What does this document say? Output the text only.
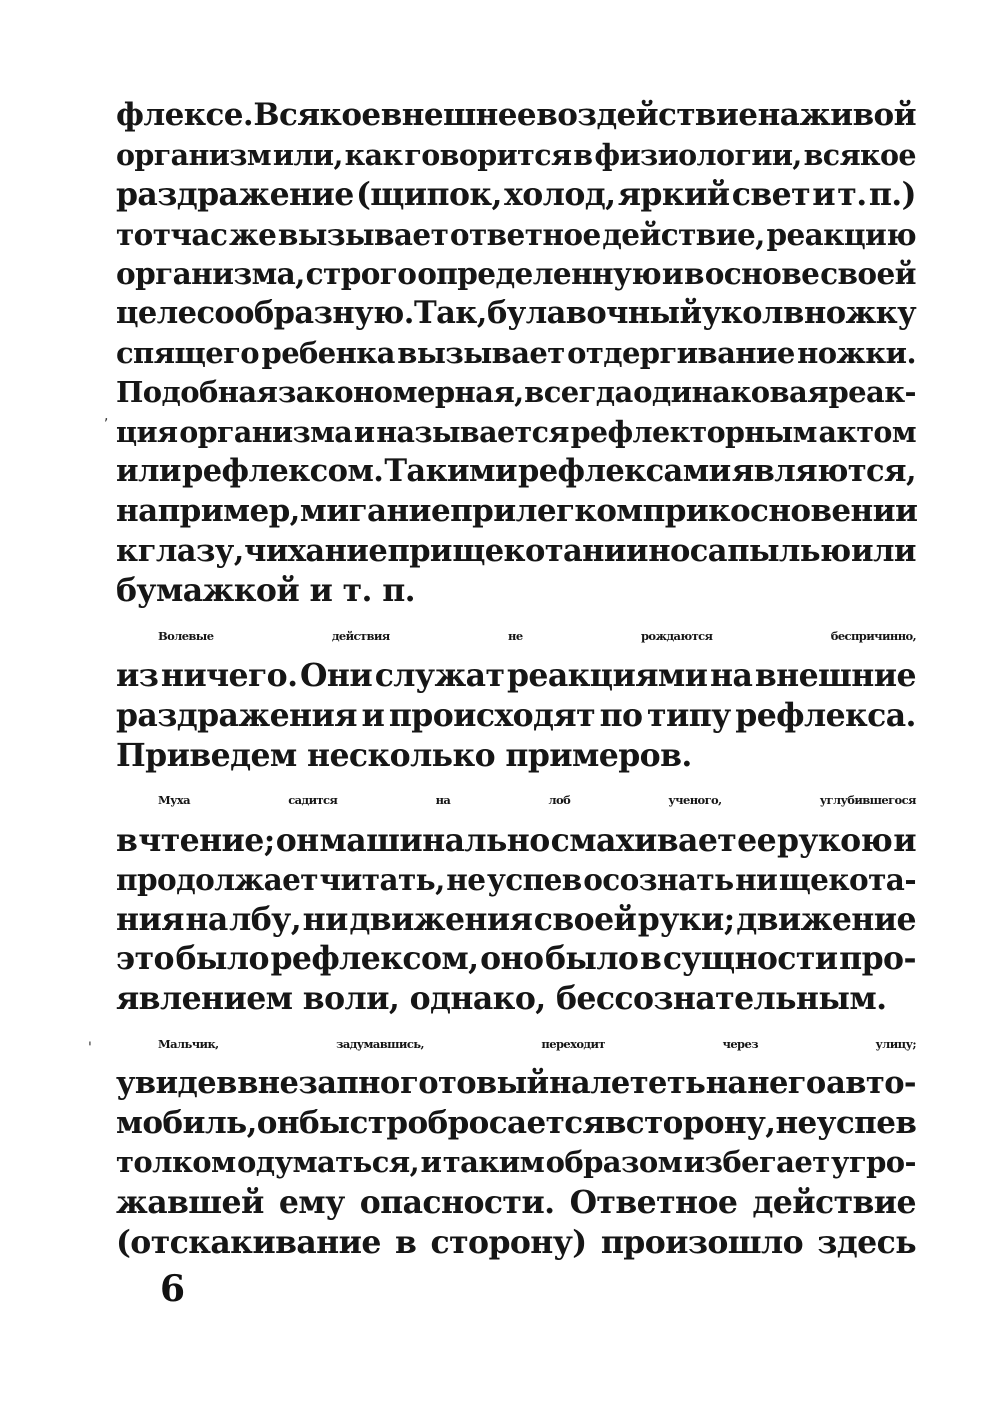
флексе. Всякое внешнее воздействие на живой
организм или, как говорится в физиологии, всякое
раздражение (щипок, холод, яркий свет и т. п.)
тотчас же вызывает ответное действие, реакцию
организма, строго определенную и в основе своей
целесообразную. Так, булавочный укол в ножку
спящего ребенка вызывает отдергивание ножки.
Подобная закономерная, всегда одинаковая реак-
ция организма и называется рефлекторным актом
или рефлексом. Такими рефлексами являются,
например, мигание при легком прикосновении
к глазу, чихание при щекотании носа пылью или
бумажкой и т. п.
Волевые	действия	не	рождаются	беспричинно,
из ничего. Они служат реакциями на внешние
раздражения и происходят по типу рефлекса.
Приведем несколько примеров.
Муха	садится	на	лоб	ученого,	углубившегося
в чтение; он машинально смахивает ее рукою и
продолжает читать, не успев осознать ни щекота-
ния на лбу, ни движения своей руки; движение
это было рефлексом, оно было в сущности про-
явлением воли, однако, бессознательным.
Мальчик,	задумавшись,	переходит	через	улицу;
увидев внезапно готовый налететь на него авто-
мобиль, он быстро бросается в сторону, не успев
толком одуматься, и таким образом избегает угро-
жавшей ему опасности. Ответное действие
(отскакивание в сторону) произошло здесь
6
,
'
